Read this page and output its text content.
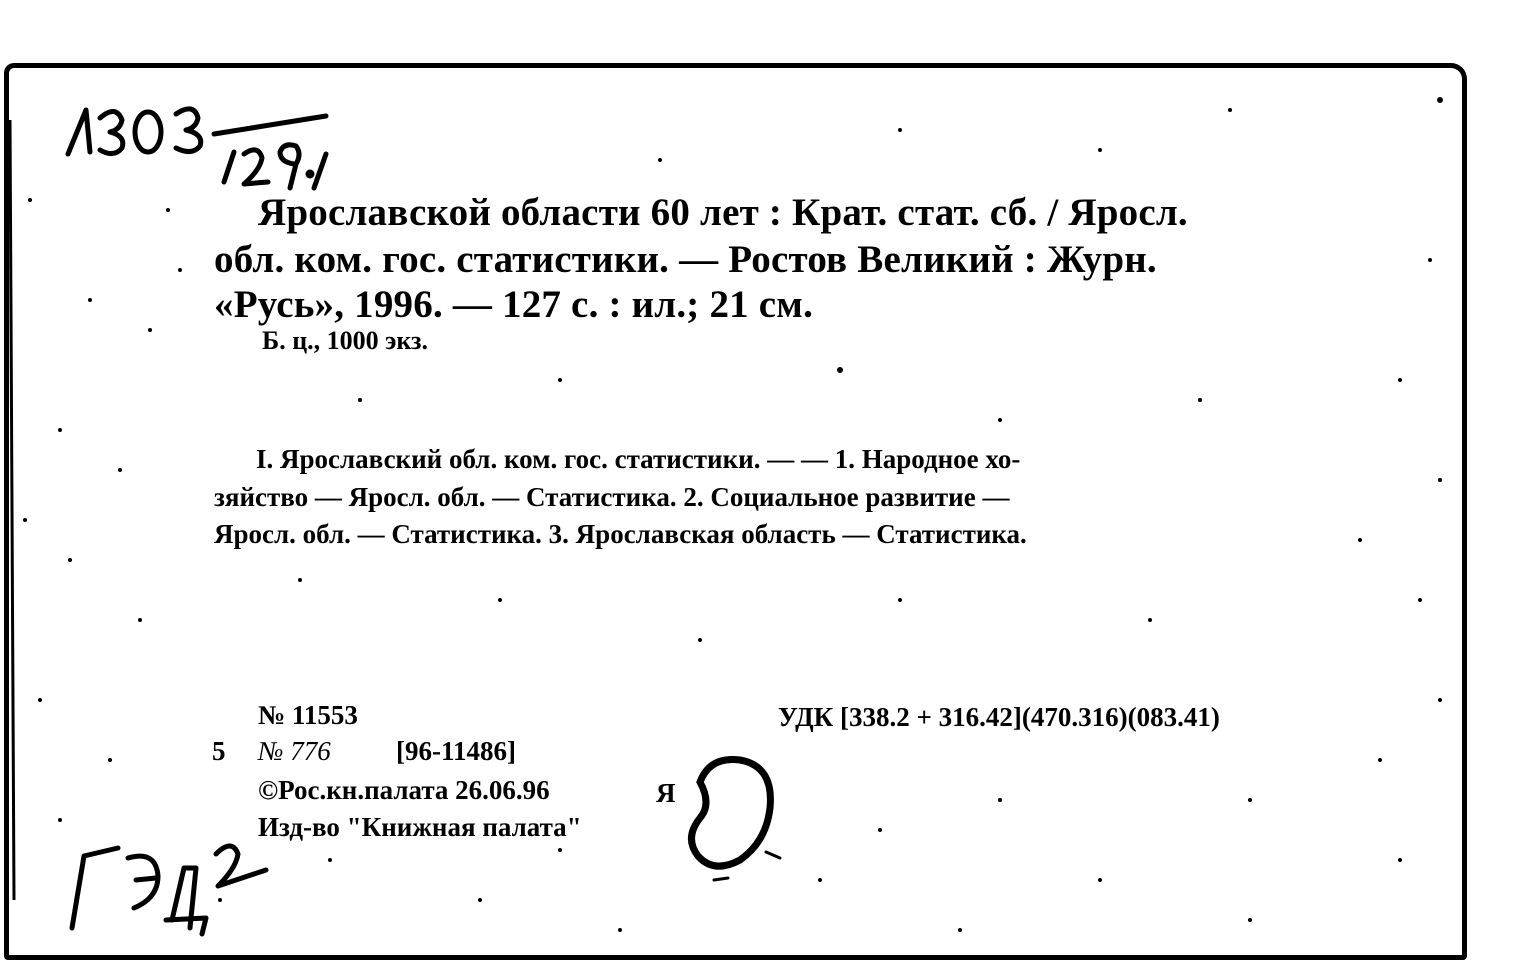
Ярославской области 60 лет : Крат. стат. сб. / Яросл.
обл. ком. гос. статистики. — Ростов Великий : Журн.
«Русь», 1996. — 127 с. : ил.; 21 см.
Б. ц., 1000 экз.
I. Ярославский обл. ком. гос. статистики. — — 1. Народное хо-
зяйство — Яросл. обл. — Статистика. 2. Социальное развитие —
Яросл. обл. — Статистика. 3. Ярославская область — Статистика.
№ 11553	УДК [338.2 + 316.42](470.316)(083.41)
5 № 776 [96-11486]
©Рос.кн.палата 26.06.96	Я
Изд-во "Книжная палата"
